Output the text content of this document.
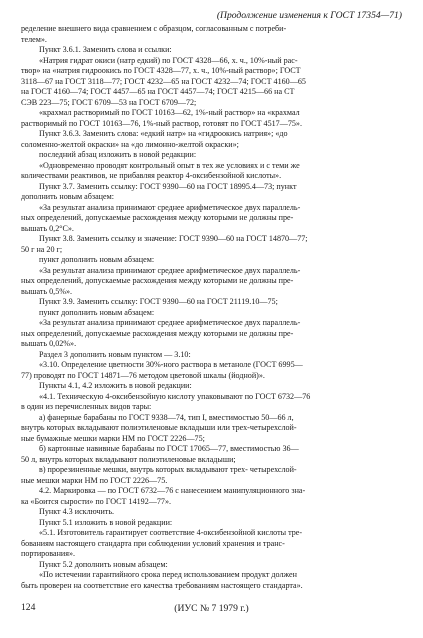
(Продолжение изменения к ГОСТ 17354—71)

ределение внешнего вида сравнением с образцом, согласованным с потреби-

телем».

Пункт 3.6.1. Заменить слова и ссылки:

«Натрия гидрат окиси (натр едкий) по ГОСТ 4328—66, х. ч., 10%-ный рас-

твор» на «натрия гидроокись по ГОСТ 4328—77, х. ч., 10%-ный раствор»; ГОСТ

3118—67 на ГОСТ 3118—77; ГОСТ 4232—65 на ГОСТ 4232—74; ГОСТ 4160—65

на ГОСТ 4160—74; ГОСТ 4457—65 на ГОСТ 4457—74; ГОСТ 4215—66 на СТ

СЭВ 223—75; ГОСТ 6709—53 на ГОСТ 6709—72;

«крахмал растворимый по ГОСТ 10163—62, 1%-ный раствор» на «крахмал

растворимый по ГОСТ 10163—76, 1%-ный раствор, готовят по ГОСТ 4517—75».

Пункт 3.6.3. Заменить слова: «едкий натр» на «гидроокись натрия»; «до

соломенно-желтой окраски» на «до лимонно-желтой окраски»;

последний абзац изложить в новой редакции:

«Одновременно проводят контрольный опыт в тех же условиях и с теми же

количествами реактивов, не прибавляя реактор 4-оксибензойной кислоты».

Пункт 3.7. Заменить ссылку: ГОСТ 9390—60 на ГОСТ 18995.4—73; пункт

дополнить новым абзацем:

«За результат анализа принимают среднее арифметическое двух параллель-

ных определений, допускаемые расхождения между которыми не должны пре-

вышать 0,2°C».

Пункт 3.8. Заменить ссылку и значение: ГОСТ 9390—60 на ГОСТ 14870—77;

50 г на 20 г;

пункт дополнить новым абзацем:

«За результат анализа принимают среднее арифметическое двух параллель-

ных определений, допускаемые расхождения между которыми не должны пре-

вышать 0,5%».

Пункт 3.9. Заменить ссылку: ГОСТ 9390—60 на ГОСТ 21119.10—75;

пункт дополнить новым абзацем:

«За результат анализа принимают среднее арифметическое двух параллель-

ных определений, допускаемые расхождения между которыми не должны пре-

вышать 0,02%».

Раздел 3 дополнить новым пунктом — 3.10:

«3.10. Определение цветности 30%-ного раствора в метаноле (ГОСТ 6995—

77) проводят по ГОСТ 14871—76 методом цветовой шкалы (йодной)».

Пункты 4.1, 4.2 изложить в новой редакции:

«4.1. Техническую 4-оксибензойную кислоту упаковывают по ГОСТ 6732—76

в один из перечисленных видов тары:

а) фанерные барабаны по ГОСТ 9338—74, тип I, вместимостью 50—66 л,

внутрь которых вкладывают полиэтиленовые вкладыши или трех-четырехслой-

ные бумажные мешки марки НМ по ГОСТ 2226—75;

б) картонные навивные барабаны по ГОСТ 17065—77, вместимостью 36—

50 л, внутрь которых вкладывают полиэтиленовые вкладыши;

в) прорезиненные мешки, внутрь которых вкладывают трех- четырехслой-

ные мешки марки НМ по ГОСТ 2226—75.

4.2. Маркировка — по ГОСТ 6732—76 с нанесением манипуляционного зна-

ка «Боится сырости» по ГОСТ 14192—77».

Пункт 4.3 исключить.

Пункт 5.1 изложить в новой редакции:

«5.1. Изготовитель гарантирует соответствие 4-оксибензойной кислоты тре-

бованиям настоящего стандарта при соблюдении условий хранения и транс-

портирования».

Пункт 5.2 дополнить новым абзацем:

«По истечении гарантийного срока перед использованием продукт должен

быть проверен на соответствие его качества требованиям настоящего стандарта».

(ИУС № 7 1979 г.)
124
